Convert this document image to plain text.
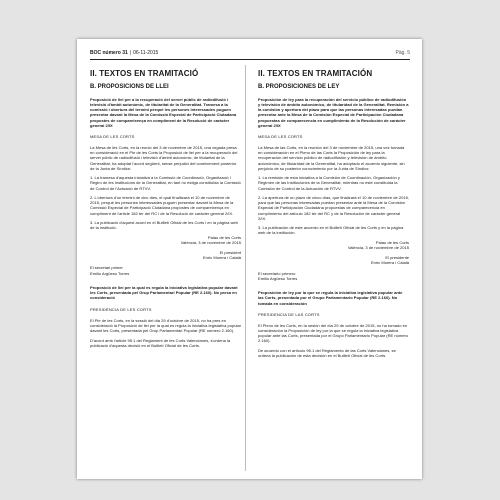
BOC número 31 | 06-11-2015	Pàg. 5
II. TEXTOS EN TRAMITACIÓ
B. PROPOSICIONS DE LLEI

Proposició de llei per a la recuperació del servei públic de radiodifusió i televisió d'àmbit autonòmic, de titularitat de la Generalitat. Tramesa a la comissió i obertura del termini perquè les persones interessades puguen presentar davant la Mesa de la Comissió Especial de Participació Ciutadana propostes de compareixença en compliment de la Resolució de caràcter general 2/IX

MESA DE LES CORTS

La Mesa de les Corts, en la reunió del 3 de novembre de 2015, una vegada presa en consideració en el Ple de les Corts la Proposició de llei per a la recuperació del servei públic de radiodifusió i televisió d'àmbit autonòmic, de titularitat de la Generalitat, ha adoptat l'acord següent, sense perjudici del coneixement posterior de la Junta de Síndics:

1. La tramesa d'aquesta iniciativa a la Comissió de Coordinació, Organització i Règim de les Institucions de la Generalitat, en tant no estiga constituïda la Comissió de Control de l'Actuació de RTVV.

2. L'obertura d'un termini de cinc dies, el qual finalitzarà el 10 de novembre de 2015, perquè les persones interessades puguen presentar davant la Mesa de la Comissió Especial de Participació Ciutadana propostes de compareixença en compliment de l'article 182 ter del RC i de la Resolució de caràcter general 2/IX.

3. La publicació d'aquest acord en el Butlletí Oficial de les Corts i en la pàgina web de la institució.

Palau de les Corts

València, 3 de novembre de 2015

El president

Enric Morera i Català

El secretari primer

Emilio Argüeso Torres

Proposició de llei per la qual es regula la iniciativa legislativa popular davant les Corts, presentada pel Grup Parlamentari Popular (RE 2.160). No presa en consideració

PRESIDÈNCIA DE LES CORTS

El Ple de les Corts, en la sessió del dia 29 d'octubre de 2015, no ha pres en consideració la Proposició de llei per la qual es regula la iniciativa legislativa popular davant les Corts, presentada pel Grup Parlamentari Popular (RE número 2.160).

D'acord amb l'article 95.1 del Reglament de les Corts Valencianes, s'ordena la publicació d'aquesta decisió en el Butlletí Oficial de les Corts.

II. TEXTOS EN TRAMITACIÓN
B. PROPOSICIONES DE LEY

Proposición de ley para la recuperación del servicio público de radiodifusión y televisión de ámbito autonómico, de titularidad de la Generalitat. Remisión a la comisión y apertura del plazo para que las personas interesadas puedan presentar ante la Mesa de la Comisión Especial de Participación Ciudadana propuestas de comparecencia en cumplimiento de la Resolución de carácter general 2/IX

MESA DE LES CORTS

La Mesa de las Corts, en la reunión del 3 de noviembre de 2015, una vez tomada en consideración en el Pleno de las Corts la Proposición de ley para la recuperación del servicio público de radiodifusión y televisión de ámbito autonómico, de titularidad de la Generalitat, ha adoptado el acuerdo siguiente, sin perjuicio de su posterior conocimiento por la Junta de Síndics:

1. La remisión de esta iniciativa a la Comisión de Coordinación, Organización y Régimen de las Instituciones de la Generalitat, mientras no esté constituida la Comisión de Control de la Actuación de RTVV.

2. La apertura de un plazo de cinco días, que finalizará el 10 de noviembre de 2015, para que las personas interesadas puedan presentar ante la Mesa de la Comisión Especial de Participación Ciudadana propuestas de comparecencia en cumplimiento del artículo 182 ter del RC y de la Resolución de carácter general 2/IX.

3. La publicación de este acuerdo en el Butlletí Oficial de les Corts y en la página web de la institución.

Palau de les Corts

València, 3 de noviembre de 2015

El presidente

Enric Morera i Català

El secretario primero

Emilio Argüeso Torres

Proposición de ley por la que se regula la iniciativa legislativa popular ante las Corts, presentada por el Grupo Parlamentario Popular (RE 2.160). No tomada en consideración

PRESIDENCIA DE LAS CORTS

El Pleno de les Corts, en la sesión del día 29 de octubre de 2015, no ha tomado en consideración la Proposición de ley por la que se regula la iniciativa legislativa popular ante las Corts, presentada por el Grupo Parlamentario Popular (RE número 2.160).

De acuerdo con el artículo 95.1 del Reglamento de las Corts Valencianes, se ordena la publicación de esta decisión en el Butlletí Oficial de les Corts.
